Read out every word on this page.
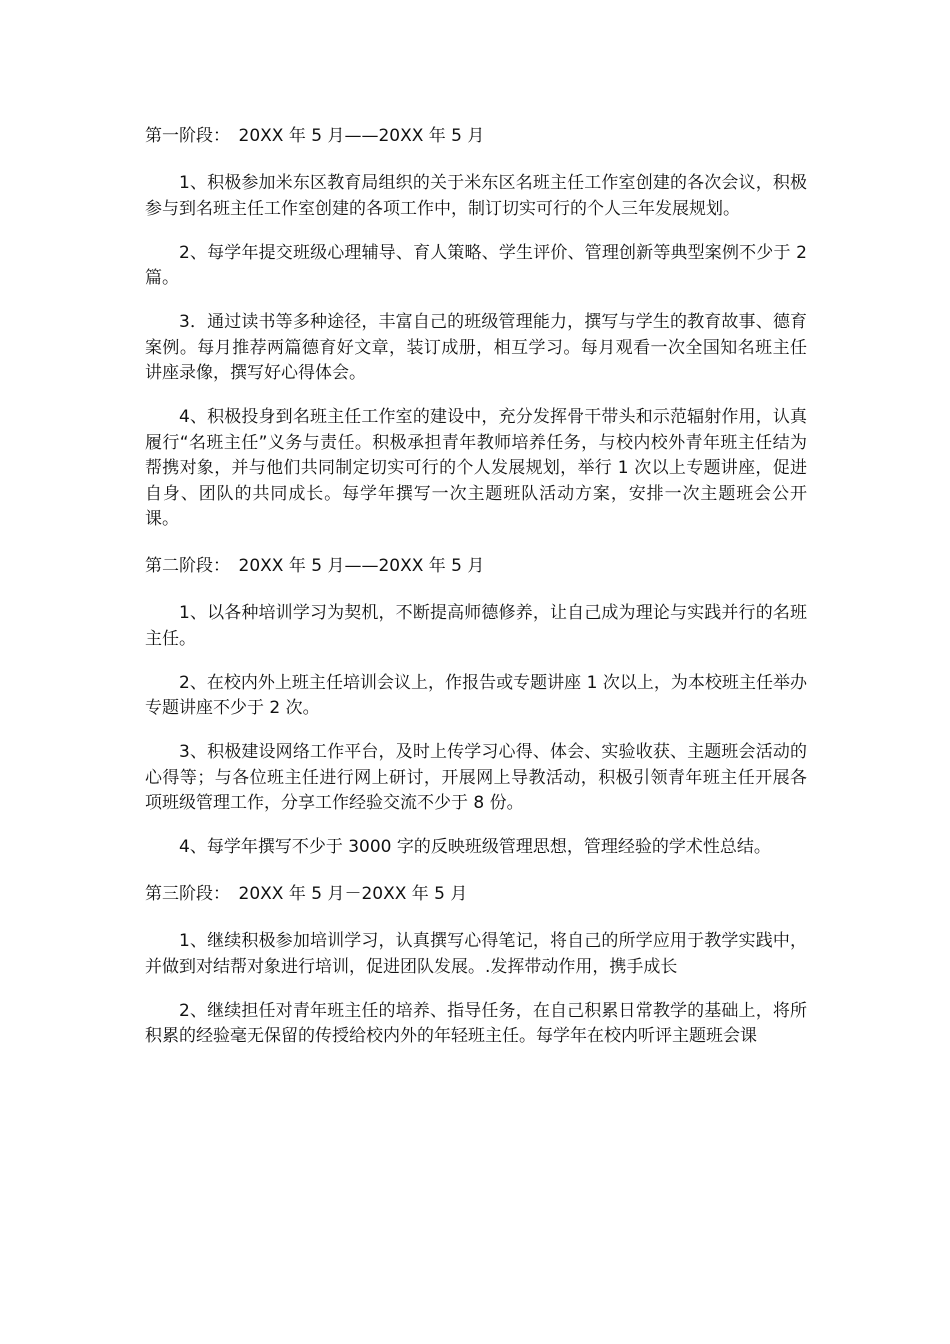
第一阶段：　20XX 年 5 月——20XX 年 5 月

1、积极参加米东区教育局组织的关于米东区名班主任工作室创建的各次会议，积极参与到名班主任工作室创建的各项工作中，制订切实可行的个人三年发展规划。

2、每学年提交班级心理辅导、育人策略、学生评价、管理创新等典型案例不少于 2 篇。

3．通过读书等多种途径，丰富自己的班级管理能力，撰写与学生的教育故事、德育案例。每月推荐两篇德育好文章，装订成册，相互学习。每月观看一次全国知名班主任讲座录像，撰写好心得体会。

4、积极投身到名班主任工作室的建设中，充分发挥骨干带头和示范辐射作用，认真履行“名班主任”义务与责任。积极承担青年教师培养任务，与校内校外青年班主任结为帮携对象，并与他们共同制定切实可行的个人发展规划，举行 1 次以上专题讲座，促进自身、团队的共同成长。每学年撰写一次主题班队活动方案，安排一次主题班会公开课。

第二阶段：　20XX 年 5 月——20XX 年 5 月

1、以各种培训学习为契机，不断提高师德修养，让自己成为理论与实践并行的名班主任。

2、在校内外上班主任培训会议上，作报告或专题讲座 1 次以上，为本校班主任举办专题讲座不少于 2 次。

3、积极建设网络工作平台，及时上传学习心得、体会、实验收获、主题班会活动的心得等；与各位班主任进行网上研讨，开展网上导教活动，积极引领青年班主任开展各项班级管理工作，分享工作经验交流不少于 8 份。

4、每学年撰写不少于 3000 字的反映班级管理思想，管理经验的学术性总结。

第三阶段：　20XX 年 5 月－20XX 年 5 月

1、继续积极参加培训学习，认真撰写心得笔记，将自己的所学应用于教学实践中，并做到对结帮对象进行培训，促进团队发展。.发挥带动作用，携手成长

2、继续担任对青年班主任的培养、指导任务，在自己积累日常教学的基础上，将所积累的经验毫无保留的传授给校内外的年轻班主任。每学年在校内听评主题班会课
